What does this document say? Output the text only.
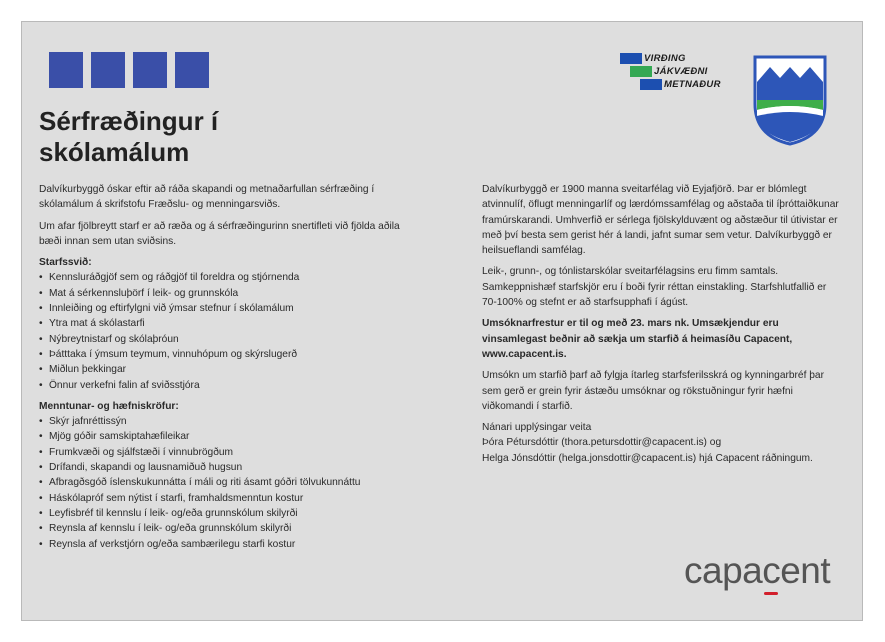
Sérfræðingur í
skólamálum
VIRÐING
JÁKVÆÐNI
METNAÐUR

Dalvíkurbyggð óskar eftir að ráða skapandi og metnaðarfullan sérfræðing í skólamálum á skrifstofu Fræðslu- og menningarsviðs.

Um afar fjölbreytt starf er að ræða og á sérfræðingurinn snertifleti við fjölda aðila bæði innan sem utan sviðsins.

Starfssvið:
• Kennsluráðgjöf sem og ráðgjöf til foreldra og stjórnenda
• Mat á sérkennsluþörf í leik- og grunnskóla
• Innleiðing og eftirfylgni við ýmsar stefnur í skólamálum
• Ytra mat á skólastarfi
• Nýbreytnistarf og skólaþróun
• Þátttaka í ýmsum teymum, vinnuhópum og skýrslugerð
• Miðlun þekkingar
• Önnur verkefni falin af sviðsstjóra
Menntunar- og hæfniskröfur:
• Skýr jafnréttissýn
• Mjög góðir samskiptahæfileikar
• Frumkvæði og sjálfstæði í vinnubrögðum
• Drífandi, skapandi og lausnamiðuð hugsun
• Afbragðsgóð íslenskukunnátta í máli og riti ásamt góðri tölvukunnáttu
• Háskólapróf sem nýtist í starfi, framhaldsmenntun kostur
• Leyfisbréf til kennslu í leik- og/eða grunnskólum skilyrði
• Reynsla af kennslu í leik- og/eða grunnskólum skilyrði
• Reynsla af verkstjórn og/eða sambærilegu starfi kostur

Dalvíkurbyggð er 1900 manna sveitarfélag við Eyjafjörð. Þar er blómlegt atvinnulíf, öflugt menningarlíf og lærdómssamfélag og aðstaða til íþróttaiðkunar framúrskarandi. Umhverfið er sérlega fjölskylduvænt og aðstæður til útivistar er með því besta sem gerist hér á landi, jafnt sumar sem vetur. Dalvíkurbyggð er heilsueflandi samfélag.

Leik-, grunn-, og tónlistarskólar sveitarfélagsins eru fimm samtals. Samkeppnishæf starfskjör eru í boði fyrir réttan einstakling. Starfshlutfallið er 70-100% og stefnt er að starfsupphafi í ágúst.

Umsóknarfrestur er til og með 23. mars nk. Umsækjendur eru vinsamlegast beðnir að sækja um starfið á heimasíðu Capacent, www.capacent.is.

Umsókn um starfið þarf að fylgja ítarleg starfsferilsskrá og kynningarbréf þar sem gerð er grein fyrir ástæðu umsóknar og rökstuðningur fyrir hæfni viðkomandi í starfið.

Nánari upplýsingar veita
Þóra Pétursdóttir (thora.petursdottir@capacent.is) og
Helga Jónsdóttir (helga.jonsdottir@capacent.is) hjá Capacent ráðningum.
capacent
